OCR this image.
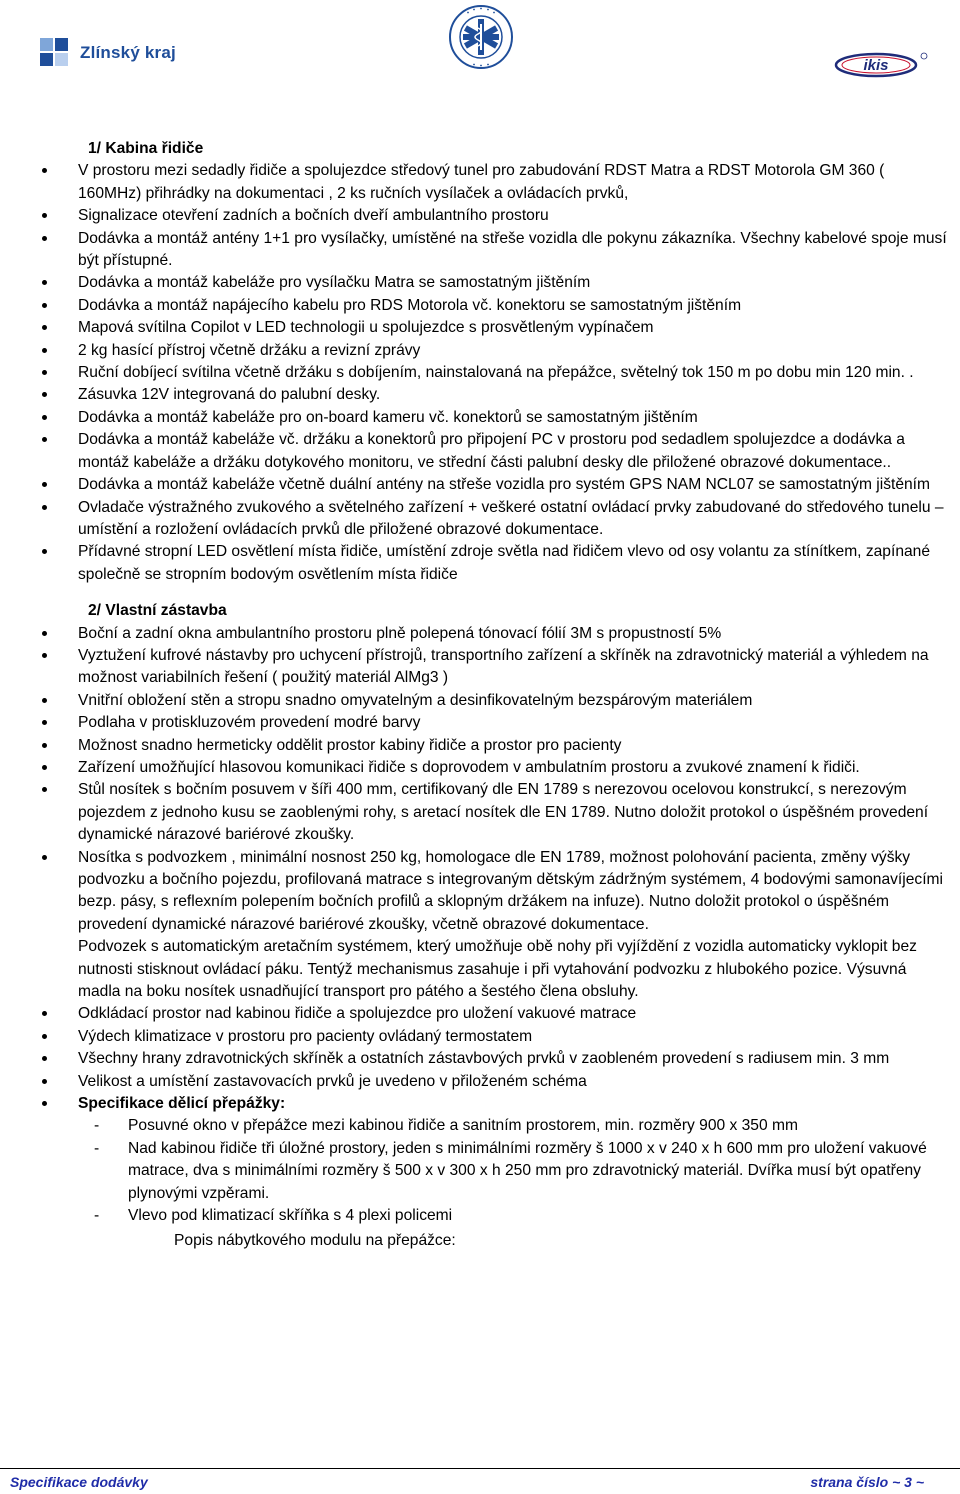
Zlínský kraj
ikis
1/ Kabina řidiče
V prostoru mezi sedadly řidiče a spolujezdce středový tunel pro zabudování RDST Matra a RDST Motorola GM 360 ( 160MHz) přihrádky na dokumentaci , 2 ks ručních vysílaček a ovládacích prvků,
Signalizace otevření zadních a bočních dveří ambulantního prostoru
Dodávka a montáž antény 1+1 pro vysílačky, umístěné na střeše vozidla dle pokynu zákazníka. Všechny kabelové spoje musí být přístupné.
Dodávka a montáž kabeláže pro vysílačku Matra se samostatným jištěním
Dodávka a montáž napájecího kabelu pro RDS Motorola vč. konektoru se samostatným jištěním
Mapová svítilna Copilot v LED technologii u spolujezdce s prosvětleným vypínačem
2 kg hasící přístroj včetně držáku a revizní zprávy
Ruční dobíjecí svítilna včetně držáku s dobíjením, nainstalovaná na přepážce, světelný tok 150 m po dobu min 120 min. .
Zásuvka 12V integrovaná do palubní desky.
Dodávka a montáž kabeláže pro on-board kameru vč. konektorů se samostatným jištěním
Dodávka a montáž kabeláže vč. držáku a konektorů pro připojení PC v prostoru pod sedadlem spolujezdce a dodávka a montáž kabeláže a držáku dotykového monitoru, ve střední části palubní desky dle přiložené obrazové dokumentace..
Dodávka a montáž kabeláže včetně duální antény na střeše vozidla pro systém GPS NAM NCL07 se samostatným jištěním
Ovladače výstražného zvukového a světelného zařízení + veškeré ostatní ovládací prvky zabudované do středového tunelu – umístění a rozložení ovládacích prvků dle přiložené obrazové dokumentace.
Přídavné stropní LED osvětlení místa řidiče, umístění zdroje světla nad řidičem vlevo od osy volantu za stínítkem, zapínané společně se stropním bodovým osvětlením místa řidiče
2/ Vlastní zástavba
Boční a zadní okna ambulantního prostoru plně polepená tónovací fólií 3M s propustností 5%
Vyztužení kufrové nástavby pro uchycení přístrojů, transportního zařízení a skříněk na zdravotnický materiál a výhledem na možnost variabilních řešení ( použitý materiál AlMg3 )
Vnitřní obložení stěn a stropu snadno omyvatelným a desinfikovatelným bezspárovým materiálem
Podlaha v protiskluzovém provedení modré barvy
Možnost snadno hermeticky oddělit prostor kabiny řidiče a prostor pro pacienty
Zařízení umožňující hlasovou komunikaci řidiče s doprovodem v ambulatním prostoru a zvukové znamení k řidiči.
Stůl nosítek s bočním posuvem v šíři 400 mm, certifikovaný dle EN 1789 s nerezovou ocelovou konstrukcí, s nerezovým pojezdem z jednoho kusu se zaoblenými rohy, s aretací nosítek dle EN 1789. Nutno doložit protokol o úspěšném provedení dynamické nárazové bariérové zkoušky.
Nosítka s podvozkem , minimální nosnost 250 kg, homologace dle EN 1789, možnost polohování pacienta, změny výšky podvozku a bočního pojezdu, profilovaná matrace s integrovaným dětským zádržným systémem, 4 bodovými samonavíjecími bezp. pásy, s reflexním polepením bočních profilů a sklopným držákem na infuze). Nutno doložit protokol o úspěšném provedení dynamické nárazové bariérové zkoušky, včetně obrazové dokumentace.
Podvozek s automatickým aretačním systémem, který umožňuje obě nohy při vyjíždění z vozidla automaticky vyklopit bez nutnosti stisknout ovládací páku. Tentýž mechanismus zasahuje i při vytahování podvozku z hlubokého pozice. Výsuvná madla na boku nosítek usnadňující transport pro pátého a šestého člena obsluhy.
Odkládací prostor nad kabinou řidiče a spolujezdce pro uložení vakuové matrace
Výdech klimatizace v prostoru pro pacienty ovládaný termostatem
Všechny hrany zdravotnických skříněk a ostatních zástavbových prvků v zaobleném provedení s radiusem min. 3 mm
Velikost a umístění zastavovacích prvků je uvedeno v přiloženém schéma
Specifikace dělicí přepážky:
- Posuvné okno v přepážce mezi kabinou řidiče a sanitním prostorem, min. rozměry 900 x 350 mm
- Nad kabinou řidiče tři úložné prostory, jeden s minimálními rozměry š 1000 x v 240 x h 600 mm pro uložení vakuové matrace, dva s minimálními rozměry š 500 x v 300 x h 250 mm pro zdravotnický materiál. Dvířka musí být opatřeny plynovými vzpěrami.
- Vlevo pod klimatizací skříňka s 4 plexi policemi
Popis nábytkového modulu na přepážce:
Specifikace dodávky	strana číslo ~ 3 ~
